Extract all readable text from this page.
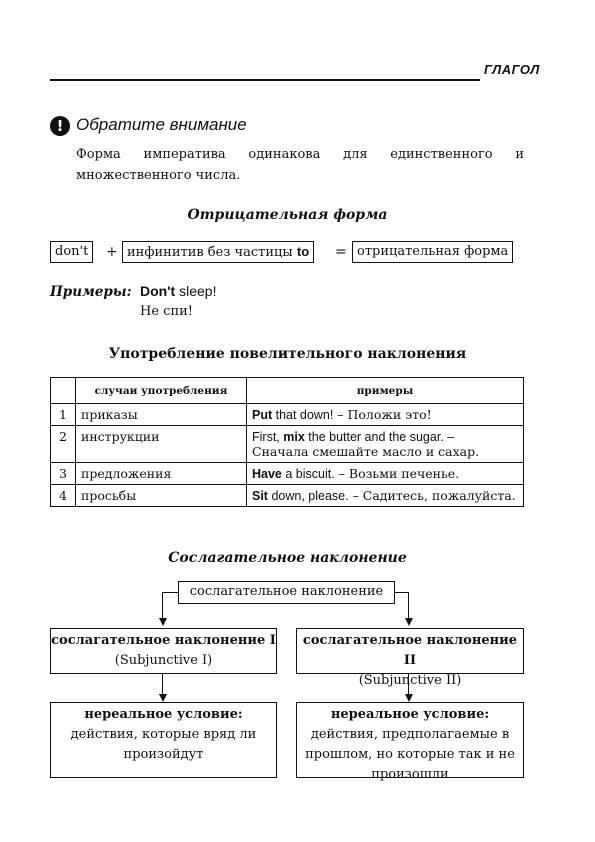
ГЛАГОЛ
! Обратите внимание
Форма императива одинакова для единственного и множественного числа.
Отрицательная форма
don't	+ инфинитив без частицы to	= отрицательная форма
Примеры: Don't sleep!
Не спи!
Употребление повелительного наклонения
	случаи употребления	примеры
1	приказы	Put that down! – Положи это!
2	инструкции	First, mix the butter and the sugar. –
Сначала смешайте масло и сахар.
3	предложения	Have a biscuit. – Возьми печенье.
4	просьбы	Sit down, please. – Садитесь, пожалуйста.
Сослагательное наклонение
сослагательное наклонение
сослагательное наклонение I
(Subjunctive I)
сослагательное наклонение II
(Subjunctive II)
нереальное условие:
действия, которые вряд ли произойдут
нереальное условие:
действия, предполагаемые в прошлом, но которые так и не произошли
